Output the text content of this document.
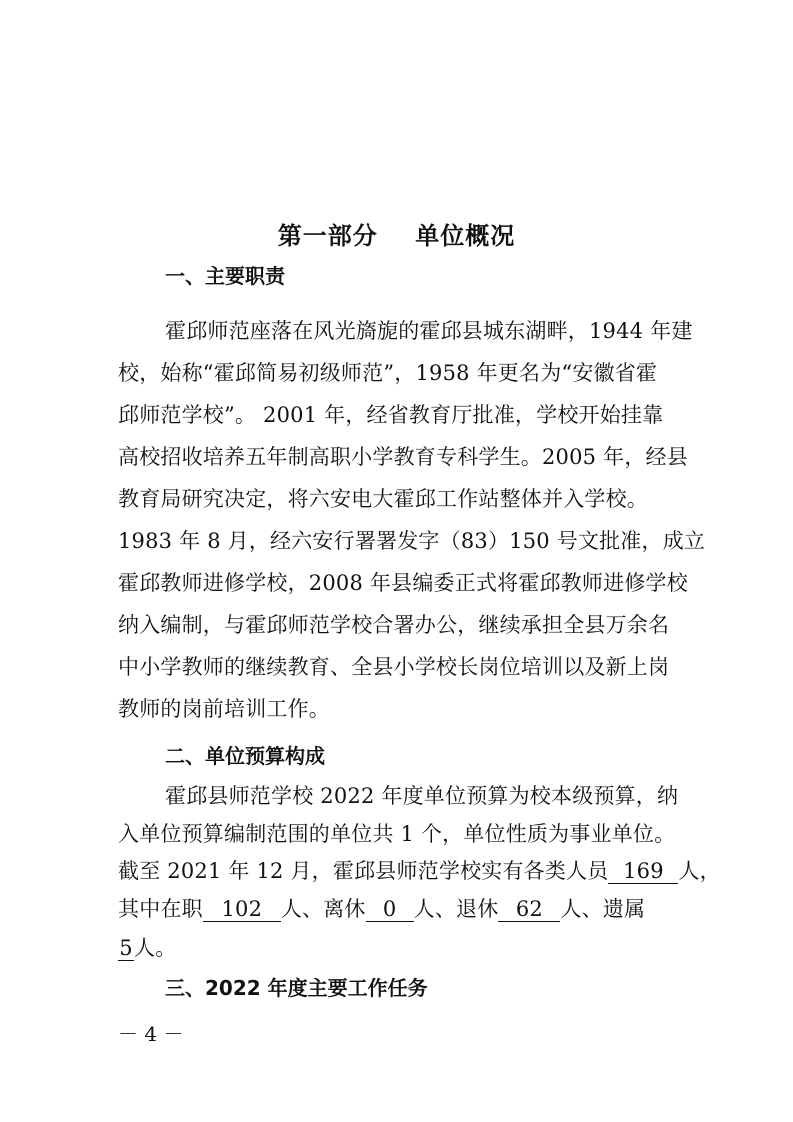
第一部分    单位概况
一、主要职责
霍邱师范座落在风光旖旎的霍邱县城东湖畔，1944 年建
校，始称“霍邱简易初级师范”，1958 年更名为“安徽省霍
邱师范学校”。 2001 年，经省教育厅批准，学校开始挂靠
高校招收培养五年制高职小学教育专科学生。2005 年，经县
教育局研究决定，将六安电大霍邱工作站整体并入学校。
1983 年 8 月，经六安行署署发字（83）150 号文批准，成立
霍邱教师进修学校，2008 年县编委正式将霍邱教师进修学校
纳入编制，与霍邱师范学校合署办公，继续承担全县万余名
中小学教师的继续教育、全县小学校长岗位培训以及新上岗
教师的岗前培训工作。
二、单位预算构成
霍邱县师范学校 2022 年度单位预算为校本级预算，纳
入单位预算编制范围的单位共 1 个，单位性质为事业单位。
截至 2021 年 12 月，霍邱县师范学校实有各类人员 169 人，
其中在职 102 人、离休 0 人、退休 62 人、遗属
5人。
三、2022 年度主要工作任务
－ 4 －
